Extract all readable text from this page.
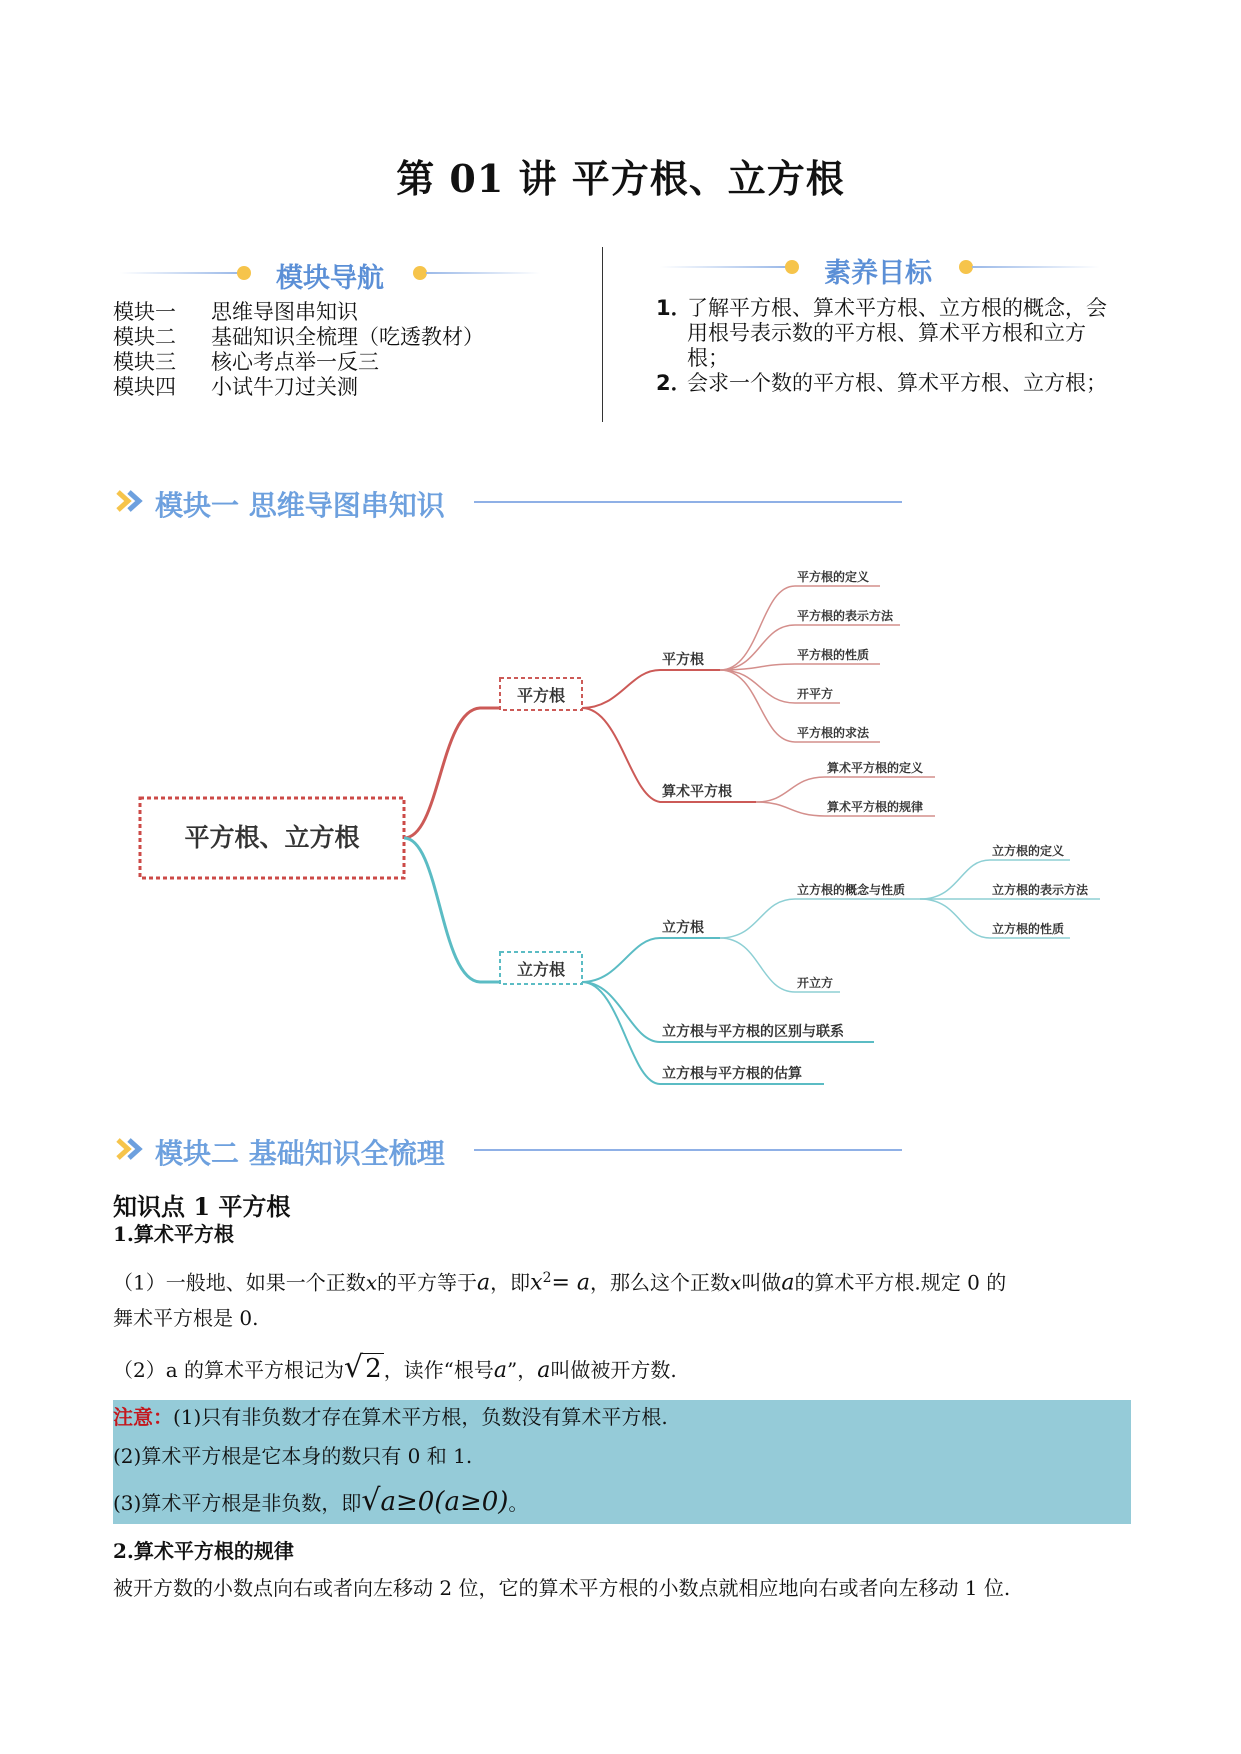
第 01 讲 平方根、立方根
模块导航
模块一	思维导图串知识
模块二	基础知识全梳理（吃透教材）
模块三	核心考点举一反三
模块四	小试牛刀过关测
素养目标
1．
了解平方根、算术平方根、立方根的概念，会
用根号表示数的平方根、算术平方根和立方
根；
2．
会求一个数的平方根、算术平方根、立方根；
模块一 思维导图串知识
平方根、立方根
平方根
平方根
算术平方根
平方根的定义
平方根的表示方法
平方根的性质
开平方
平方根的求法
算术平方根的定义
算术平方根的规律
立方根
立方根
立方根与平方根的区别与联系
立方根与平方根的估算
立方根的概念与性质
开立方
立方根的定义
立方根的表示方法
立方根的性质
模块二 基础知识全梳理
知识点 1 平方根
1.算术平方根
（1）一般地、如果一个正数x的平方等于a，即$x^2= a$，那么这个正数x叫做a的算术平方根.规定 0 的
舞术平方根是 0.
（2）a 的算术平方根记为√2 ，读作“根号a”，a叫做被开方数.
注意：(1)只有非负数才存在算术平方根，负数没有算术平方根.
(2)算术平方根是它本身的数只有 0 和 1.
(3)算术平方根是非负数，即√a≥0(a≥0)。
2.算术平方根的规律
被开方数的小数点向右或者向左移动 2 位，它的算术平方根的小数点就相应地向右或者向左移动 1 位.
